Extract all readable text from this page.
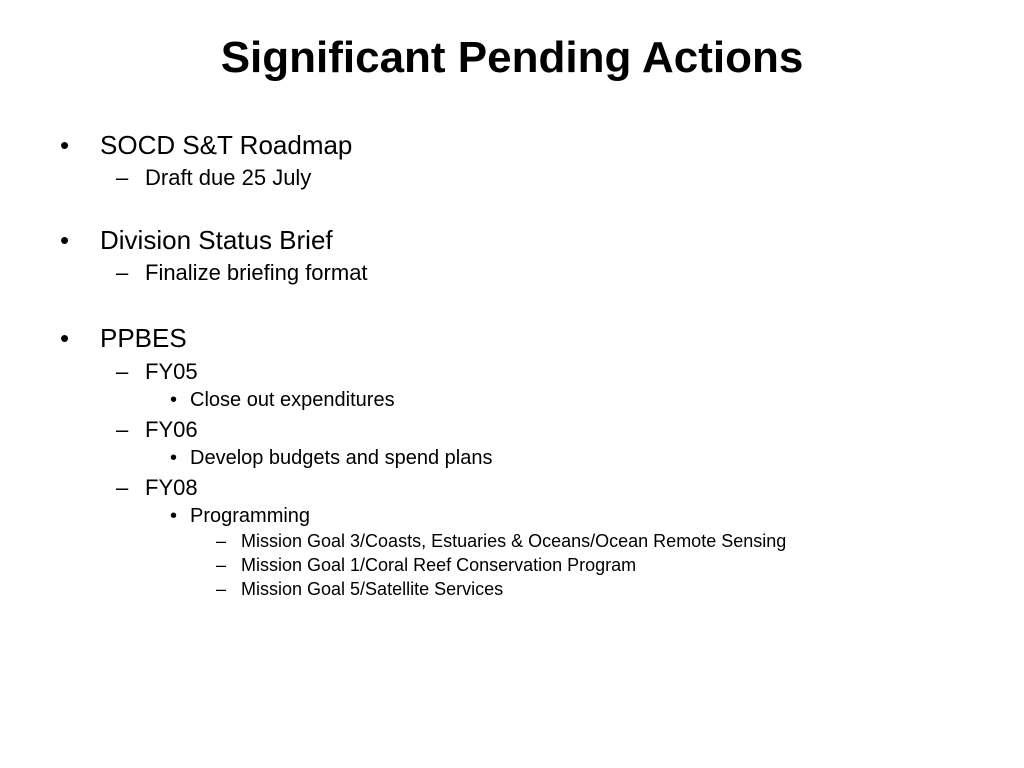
Significant Pending Actions
• SOCD S&T Roadmap
– Draft due 25 July
• Division Status Brief
– Finalize briefing format
• PPBES
– FY05
• Close out expenditures
– FY06
• Develop budgets and spend plans
– FY08
• Programming
– Mission Goal 3/Coasts, Estuaries & Oceans/Ocean Remote Sensing
– Mission Goal 1/Coral Reef Conservation Program
– Mission Goal 5/Satellite Services
